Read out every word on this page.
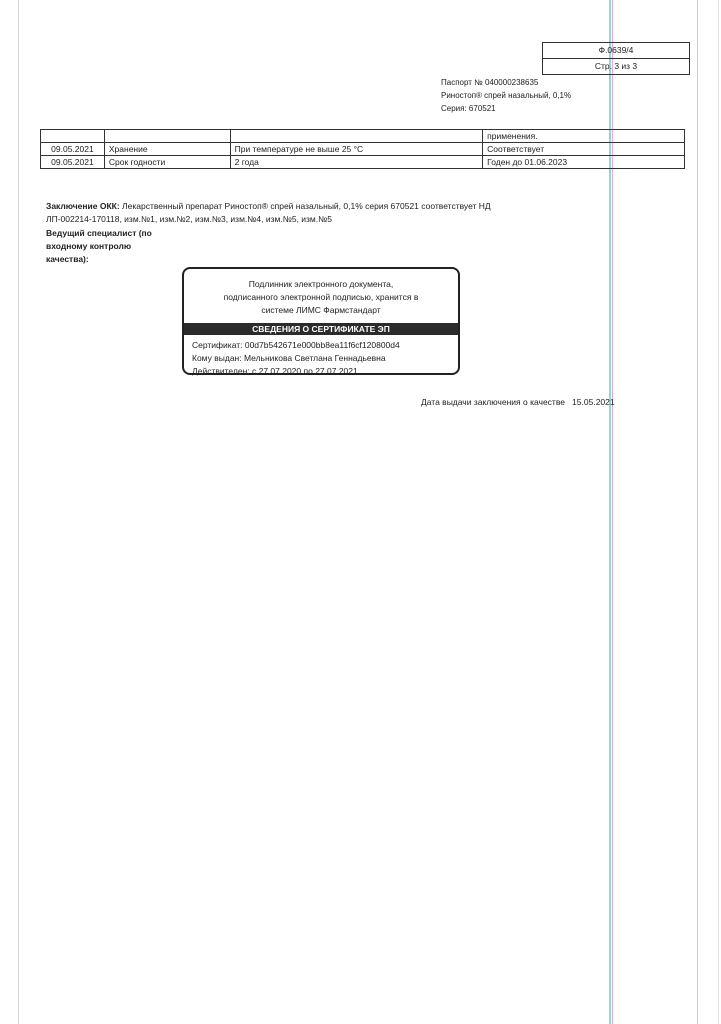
Ф.0639/4
Стр. 3 из 3
Паспорт № 040000238635
Риностоп® спрей назальный, 0,1%
Серия: 670521
			применения.
09.05.2021	Хранение	При температуре не выше 25 °С	Соответствует
09.05.2021	Срок годности	2 года	Годен до 01.06.2023
Заключение ОКК: Лекарственный препарат Риностоп® спрей назальный, 0,1% серия 670521 соответствует НД ЛП-002214-170118, изм.№1, изм.№2, изм.№3, изм.№4, изм.№5, изм.№5
Ведущий специалист (по входному контролю качества):
Подлинник электронного документа,
подписанного электронной подписью, хранится в
системе ЛИМС Фармстандарт
СВЕДЕНИЯ О СЕРТИФИКАТЕ ЭП
Сертификат: 00d7b542671e000bb8ea11f6cf120800d4
Кому выдан: Мельникова Светлана Геннадьевна
Действителен: с 27.07.2020 по 27.07.2021
Дата выдачи заключения о качестве   15.05.2021
